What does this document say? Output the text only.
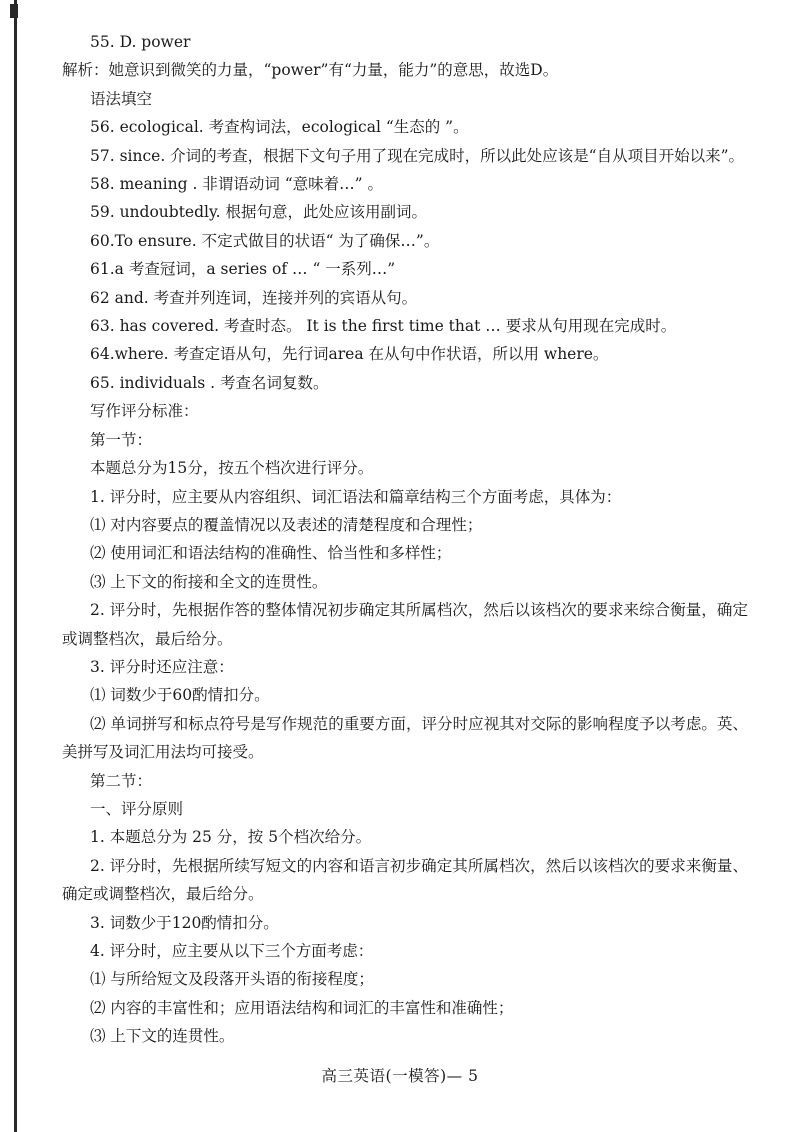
55. D. power

解析：她意识到微笑的力量，“power”有“力量，能力”的意思，故选D。

语法填空

56. ecological. 考查构词法，ecological “生态的 ”。

57. since. 介词的考查，根据下文句子用了现在完成时，所以此处应该是“自从项目开始以来”。

58. meaning . 非谓语动词 “意味着…” 。

59. undoubtedly. 根据句意，此处应该用副词。

60.To ensure. 不定式做目的状语“ 为了确保…”。

61.a 考查冠词，a series of … “ 一系列…”

62 and. 考查并列连词，连接并列的宾语从句。

63. has covered. 考查时态。 It is the first time that … 要求从句用现在完成时。

64.where. 考查定语从句，先行词area 在从句中作状语，所以用 where。

65. individuals . 考查名词复数。

写作评分标准：

第一节：

本题总分为15分，按五个档次进行评分。

1. 评分时，应主要从内容组织、词汇语法和篇章结构三个方面考虑，具体为：

⑴ 对内容要点的覆盖情况以及表述的清楚程度和合理性；

⑵ 使用词汇和语法结构的准确性、恰当性和多样性；

⑶ 上下文的衔接和全文的连贯性。

2. 评分时，先根据作答的整体情况初步确定其所属档次，然后以该档次的要求来综合衡量，确定或调整档次，最后给分。

3. 评分时还应注意：

⑴ 词数少于60酌情扣分。

⑵ 单词拼写和标点符号是写作规范的重要方面，评分时应视其对交际的影响程度予以考虑。英、美拼写及词汇用法均可接受。

第二节：

一、评分原则

1. 本题总分为 25 分，按 5个档次给分。

2. 评分时，先根据所续写短文的内容和语言初步确定其所属档次，然后以该档次的要求来衡量、确定或调整档次，最后给分。

3. 词数少于120酌情扣分。

4. 评分时，应主要从以下三个方面考虑：

⑴ 与所给短文及段落开头语的衔接程度；

⑵ 内容的丰富性和；应用语法结构和词汇的丰富性和准确性；

⑶ 上下文的连贯性。

高三英语(一模答)— 5
